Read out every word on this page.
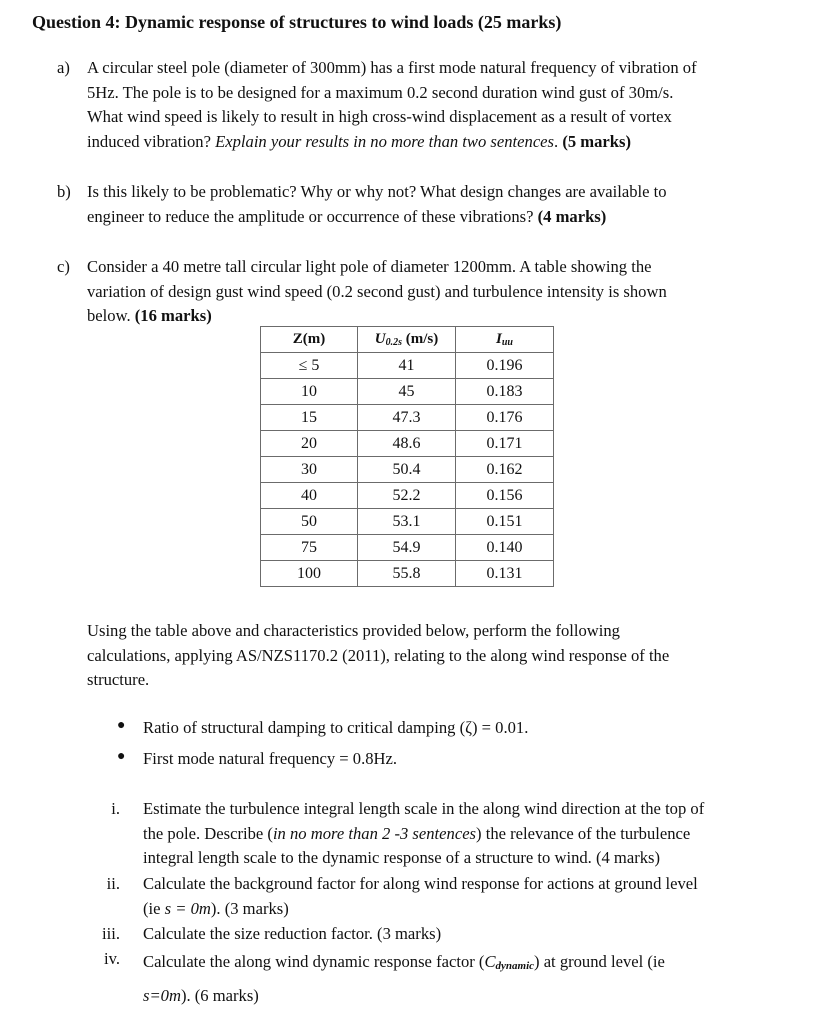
Question 4: Dynamic response of structures to wind loads (25 marks)
a) A circular steel pole (diameter of 300mm) has a first mode natural frequency of vibration of
5Hz. The pole is to be designed for a maximum 0.2 second duration wind gust of 30m/s.
What wind speed is likely to result in high cross-wind displacement as a result of vortex
induced vibration? Explain your results in no more than two sentences. (5 marks)
b) Is this likely to be problematic? Why or why not? What design changes are available to
engineer to reduce the amplitude or occurrence of these vibrations? (4 marks)
c) Consider a 40 metre tall circular light pole of diameter 1200mm. A table showing the
variation of design gust wind speed (0.2 second gust) and turbulence intensity is shown
below. (16 marks)
Z(m)	$U_{0.2s}$ (m/s)	$I_{uu}$
≤ 5	41	0.196
10	45	0.183
15	47.3	0.176
20	48.6	0.171
30	50.4	0.162
40	52.2	0.156
50	53.1	0.151
75	54.9	0.140
100	55.8	0.131
Using the table above and characteristics provided below, perform the following
calculations, applying AS/NZS1170.2 (2011), relating to the along wind response of the
structure.
● Ratio of structural damping to critical damping (ζ) = 0.01.
● First mode natural frequency = 0.8Hz.
i. Estimate the turbulence integral length scale in the along wind direction at the top of
the pole. Describe (in no more than 2 -3 sentences) the relevance of the turbulence
integral length scale to the dynamic response of a structure to wind. (4 marks)
ii. Calculate the background factor for along wind response for actions at ground level
(ie s = 0m). (3 marks)
iii. Calculate the size reduction factor. (3 marks)
iv. Calculate the along wind dynamic response factor (Cdynamic) at ground level (ie
s=0m). (6 marks)
